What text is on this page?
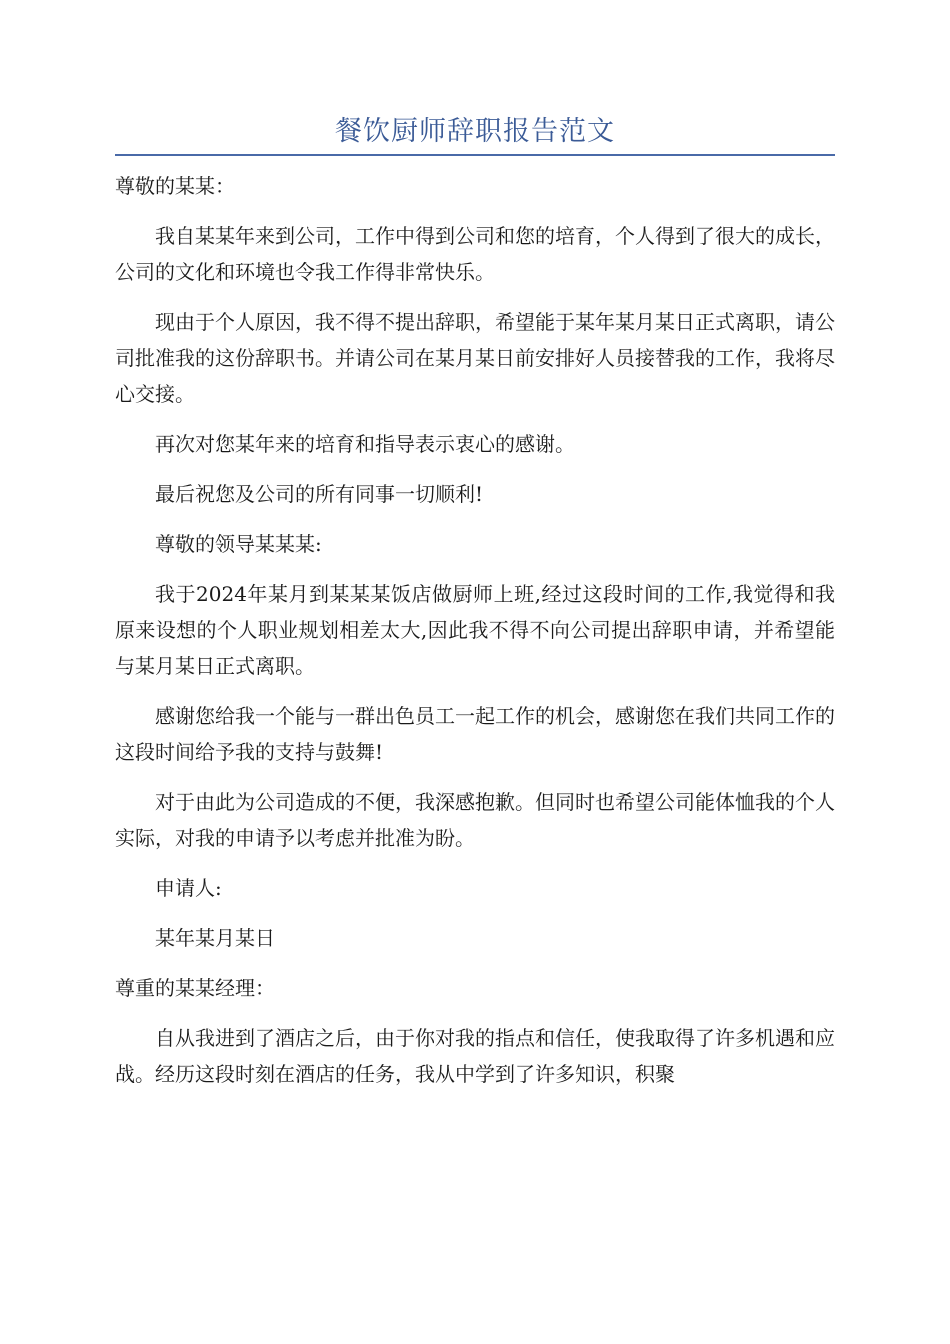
餐饮厨师辞职报告范文

尊敬的某某：

我自某某年来到公司，工作中得到公司和您的培育，个人得到了很大的成长，公司的文化和环境也令我工作得非常快乐。

现由于个人原因，我不得不提出辞职，希望能于某年某月某日正式离职，请公司批准我的这份辞职书。并请公司在某月某日前安排好人员接替我的工作，我将尽心交接。

再次对您某年来的培育和指导表示衷心的感谢。

最后祝您及公司的所有同事一切顺利!

尊敬的领导某某某:

我于2024年某月到某某某饭店做厨师上班,经过这段时间的工作,我觉得和我原来设想的个人职业规划相差太大,因此我不得不向公司提出辞职申请，并希望能与某月某日正式离职。

感谢您给我一个能与一群出色员工一起工作的机会，感谢您在我们共同工作的这段时间给予我的支持与鼓舞!

对于由此为公司造成的不便，我深感抱歉。但同时也希望公司能体恤我的个人实际，对我的申请予以考虑并批准为盼。

申请人:

某年某月某日

尊重的某某经理：

自从我进到了酒店之后，由于你对我的指点和信任，使我取得了许多机遇和应战。经历这段时刻在酒店的任务，我从中学到了许多知识，积聚
